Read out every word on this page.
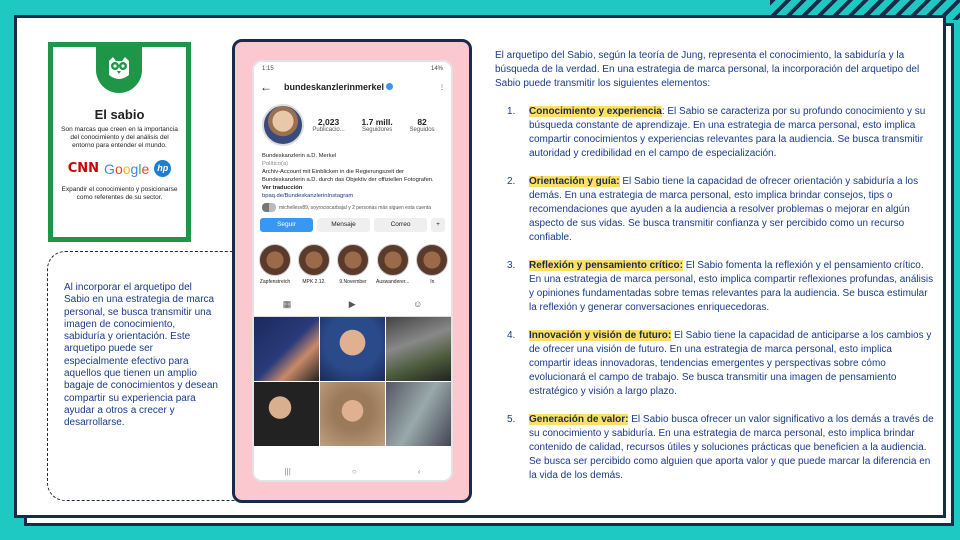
El sabio

Son marcas que creen en la importancia del conocimiento y del análisis del entorno para entender el mundo.

CNN Google hp

Expandir el conocimiento y posicionarse como referentes de su sector.

Al incorporar el arquetipo del Sabio en una estrategia de marca personal, se busca transmitir una imagen de conocimiento, sabiduría y orientación. Este arquetipo puede ser especialmente efectivo para aquellos que tienen un amplio bagaje de conocimientos y desean compartir su experiencia para ayudar a otros a crecer y desarrollarse.

1:15	14%
← bundeskanzlerinmerkel	⋮
2,023
Publicacio...
1.7 mill.
Seguidores
82
Seguidos
Bundeskanzlerin a.D. Merkel
Político(a)
Archiv-Account mit Einblicken in die Regierungszeit der Bundeskanzlerin a.D. durch das Objektiv der offiziellen Fotografen.
Ver traducción
bpaq.de/BundeskanzlerinInstagram
michellesv89, soyrociocarbajal y 2 personas más siguen esta cuenta
Seguir	Mensaje	Correo	+
Zapfenstreich	MPK 2.12.	9.November	Auswanderer...	In
▦	▶	☺
|||	○	‹

El arquetipo del Sabio, según la teoría de Jung, representa el conocimiento, la sabiduría y la búsqueda de la verdad. En una estrategia de marca personal, la incorporación del arquetipo del Sabio puede transmitir los siguientes elementos:

1.	Conocimiento y experiencia: El Sabio se caracteriza por su profundo conocimiento y su búsqueda constante de aprendizaje. En una estrategia de marca personal, esto implica compartir conocimientos y experiencias relevantes para la audiencia. Se busca transmitir autoridad y credibilidad en el campo de especialización.
2.	Orientación y guía: El Sabio tiene la capacidad de ofrecer orientación y sabiduría a los demás. En una estrategia de marca personal, esto implica brindar consejos, tips o recomendaciones que ayuden a la audiencia a resolver problemas o mejorar en algún aspecto de sus vidas. Se busca transmitir confianza y ser percibido como un recurso confiable.
3.	Reflexión y pensamiento crítico: El Sabio fomenta la reflexión y el pensamiento crítico. En una estrategia de marca personal, esto implica compartir reflexiones profundas, análisis y opiniones fundamentadas sobre temas relevantes para la audiencia. Se busca estimular la reflexión y generar conversaciones enriquecedoras.
4.	Innovación y visión de futuro: El Sabio tiene la capacidad de anticiparse a los cambios y de ofrecer una visión de futuro. En una estrategia de marca personal, esto implica compartir ideas innovadoras, tendencias emergentes y perspectivas sobre cómo evolucionará el campo de trabajo. Se busca transmitir una imagen de pensamiento estratégico y visión a largo plazo.
5.	Generación de valor: El Sabio busca ofrecer un valor significativo a los demás a través de su conocimiento y sabiduría. En una estrategia de marca personal, esto implica brindar contenido de calidad, recursos útiles y soluciones prácticas que beneficien a la audiencia. Se busca ser percibido como alguien que aporta valor y que puede marcar la diferencia en la vida de los demás.
